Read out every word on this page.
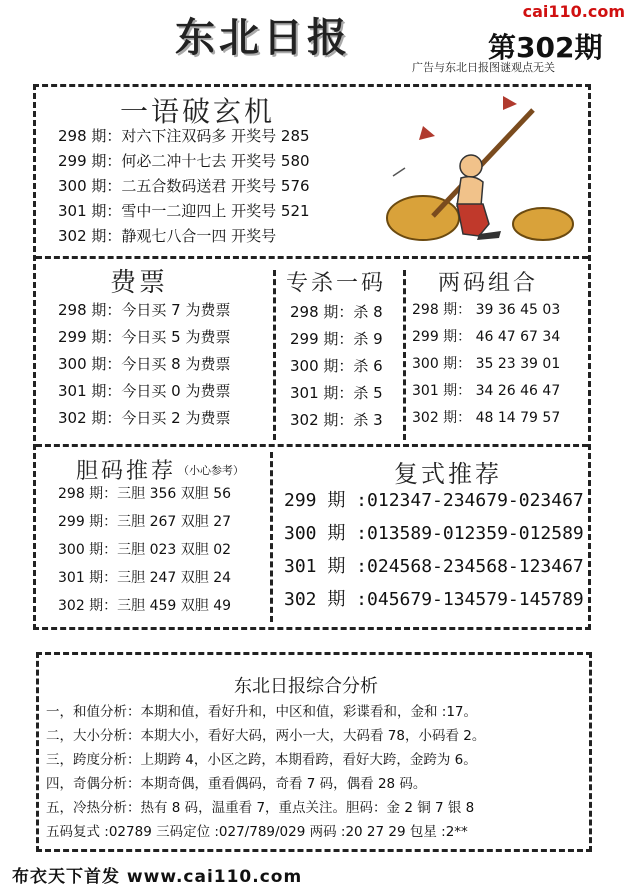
东北日报
cai110.com
第302期
广告与东北日报图谜观点无关
一语破玄机
298 期：对六下注双码多 开奖号 285
299 期：何必二冲十七去 开奖号 580
300 期：二五合数码送君 开奖号 576
301 期：雪中一二迎四上 开奖号 521
302 期：静观七八合一四 开奖号
费票
298 期：今日买 7 为费票
299 期：今日买 5 为费票
300 期：今日买 8 为费票
301 期：今日买 0 为费票
302 期：今日买 2 为费票
专杀一码
298 期：杀 8
299 期：杀 9
300 期：杀 6
301 期：杀 5
302 期：杀 3
两码组合
298 期： 39 36 45 03
299 期： 46 47 67 34
300 期： 35 23 39 01
301 期： 34 26 46 47
302 期： 48 14 79 57
胆码推荐 （小心参考）
298 期：三胆 356 双胆 56
299 期：三胆 267 双胆 27
300 期：三胆 023 双胆 02
301 期：三胆 247 双胆 24
302 期：三胆 459 双胆 49
复式推荐
299 期 :012347-234679-023467
300 期 :013589-012359-012589
301 期 :024568-234568-123467
302 期 :045679-134579-145789
东北日报综合分析
一，和值分析：本期和值，看好升和，中区和值，彩谍看和，金和 :17。
二，大小分析：本期大小，看好大码，两小一大，大码看 78，小码看 2。
三，跨度分析：上期跨 4，小区之跨，本期看跨，看好大跨，金跨为 6。
四，奇偶分析：本期奇偶，重看偶码，奇看 7 码，偶看 28 码。
五，冷热分析：热有 8 码，温重看 7，重点关注。胆码：金 2 铜 7 银 8
五码复式 :02789 三码定位 :027/789/029 两码 :20 27 29 包星 :2**
布衣天下首发 www.cai110.com
